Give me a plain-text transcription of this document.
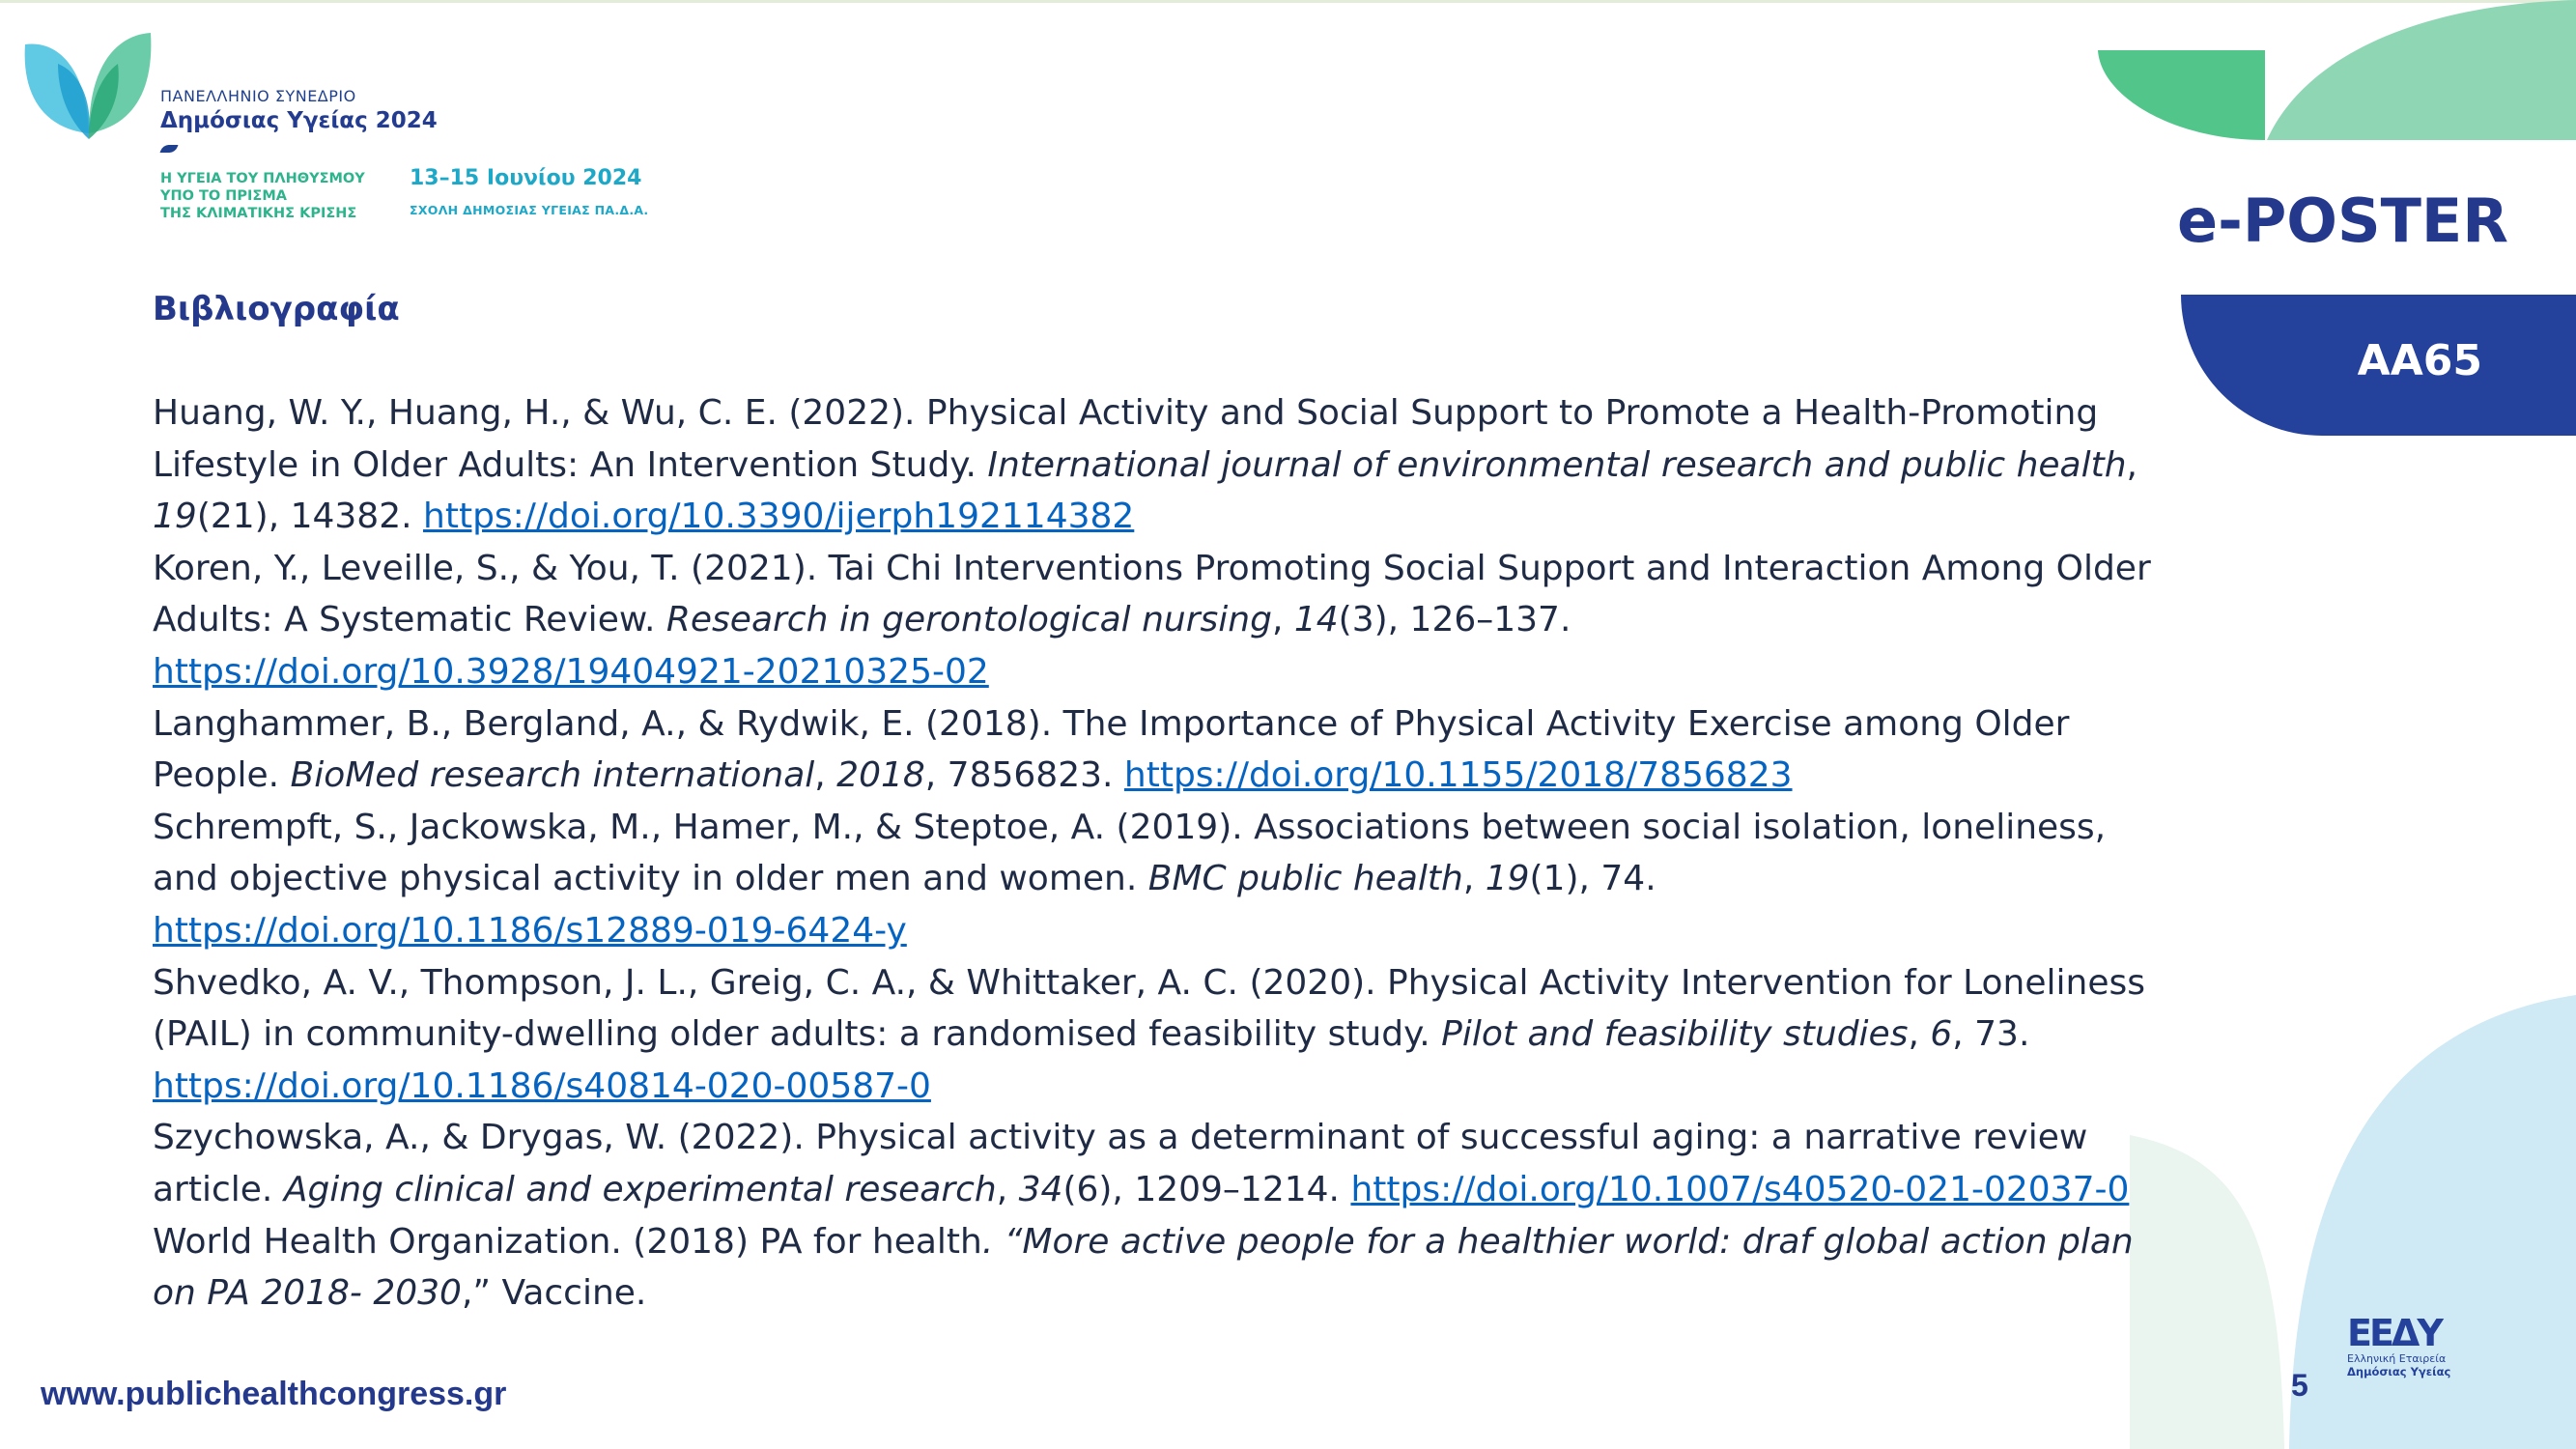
ΠΑΝΕΛΛΗΝΙΟ ΣΥΝΕΔΡΙΟ
Δημόσιας Υγείας 2024
Η ΥΓΕΙΑ ΤΟΥ ΠΛΗΘΥΣΜΟΥ
ΥΠΟ ΤΟ ΠΡΙΣΜΑ
ΤΗΣ ΚΛΙΜΑΤΙΚΗΣ ΚΡΙΣΗΣ
13–15 Ιουνίου 2024
ΣΧΟΛΗ ΔΗΜΟΣΙΑΣ ΥΓΕΙΑΣ ΠΑ.Δ.Α.	e-POSTER
AA65
Βιβλιογραφία

Huang, W. Y., Huang, H., & Wu, C. E. (2022). Physical Activity and Social Support to Promote a Health-Promoting Lifestyle in Older Adults: An Intervention Study. International journal of environmental research and public health, 19(21), 14382. https://doi.org/10.3390/ijerph192114382

Koren, Y., Leveille, S., & You, T. (2021). Tai Chi Interventions Promoting Social Support and Interaction Among Older Adults: A Systematic Review. Research in gerontological nursing, 14(3), 126–137.
https://doi.org/10.3928/19404921-20210325-02

Langhammer, B., Bergland, A., & Rydwik, E. (2018). The Importance of Physical Activity Exercise among Older People. BioMed research international, 2018, 7856823. https://doi.org/10.1155/2018/7856823

Schrempft, S., Jackowska, M., Hamer, M., & Steptoe, A. (2019). Associations between social isolation, loneliness, and objective physical activity in older men and women. BMC public health, 19(1), 74.
https://doi.org/10.1186/s12889-019-6424-y

Shvedko, A. V., Thompson, J. L., Greig, C. A., & Whittaker, A. C. (2020). Physical Activity Intervention for Loneliness (PAIL) in community-dwelling older adults: a randomised feasibility study. Pilot and feasibility studies, 6, 73.
https://doi.org/10.1186/s40814-020-00587-0

Szychowska, A., & Drygas, W. (2022). Physical activity as a determinant of successful aging: a narrative review article. Aging clinical and experimental research, 34(6), 1209–1214. https://doi.org/10.1007/s40520-021-02037-0

World Health Organization. (2018) PA for health. “More active people for a healthier world: draf global action plan on PA 2018- 2030,” Vaccine.

www.publichealthcongress.gr	5
ΕΕΔΥ
Ελληνική Εταιρεία
Δημόσιας Υγείας
